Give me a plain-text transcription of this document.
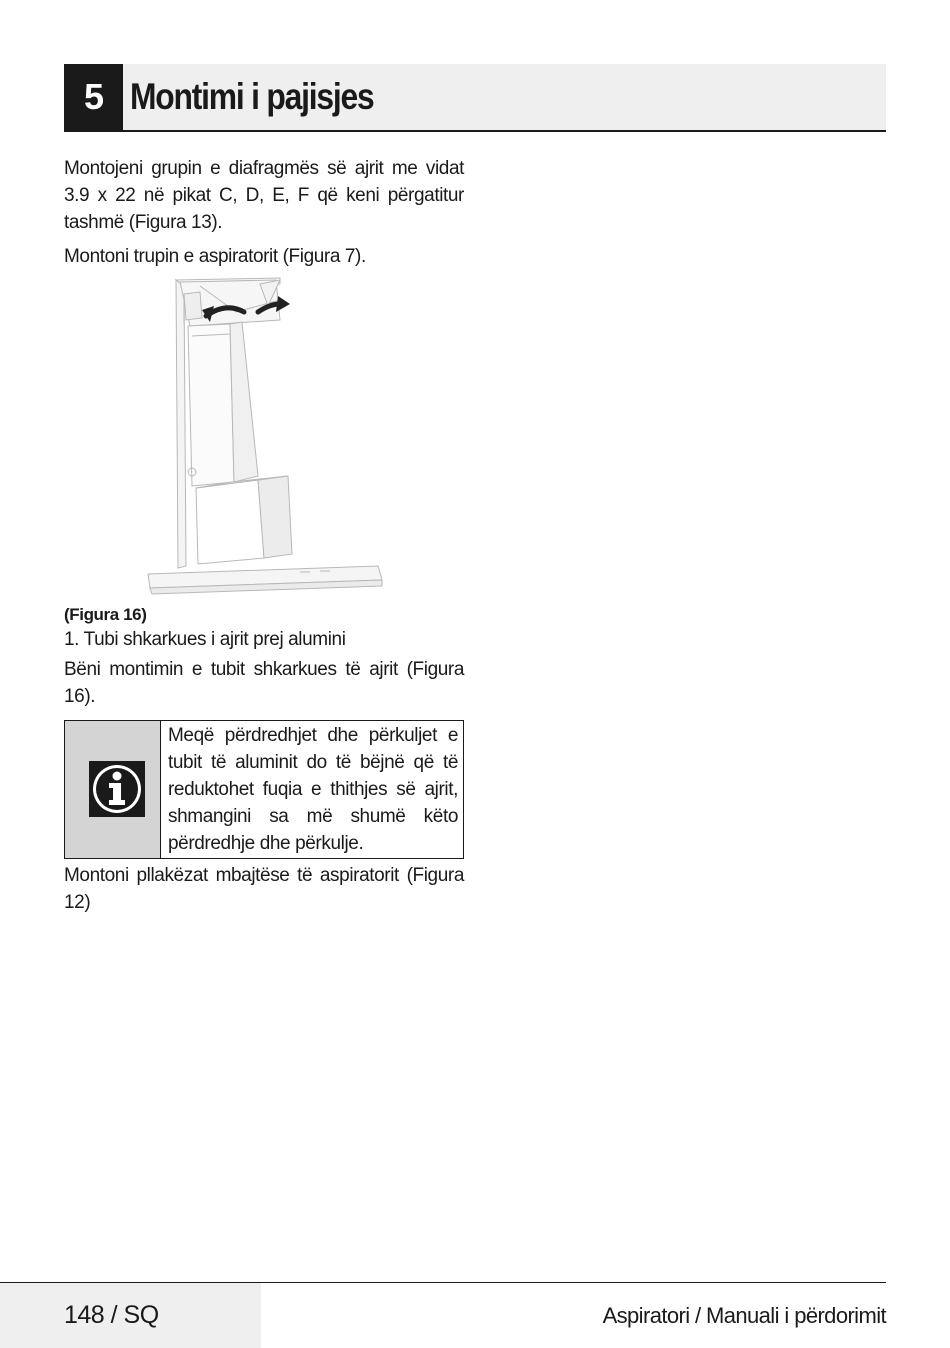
5 Montimi i pajisjes

Montojeni grupin e diafragmës së ajrit me vidat 3.9 x 22 në pikat C, D, E, F që keni përgatitur tashmë (Figura 13).

Montoni trupin e aspiratorit (Figura 7).

(Figura 16)
1. Tubi shkarkues i ajrit prej alumini

Bëni montimin e tubit shkarkues të ajrit (Figura 16).

Meqë përdredhjet dhe përkuljet e tubit të aluminit do të bëjnë që të reduktohet fuqia e thithjes së ajrit, shmangini sa më shumë këto përdredhje dhe përkulje.

Montoni pllakëzat mbajtëse të aspiratorit (Figura 12)

148 / SQ	Aspiratori / Manuali i përdorimit
